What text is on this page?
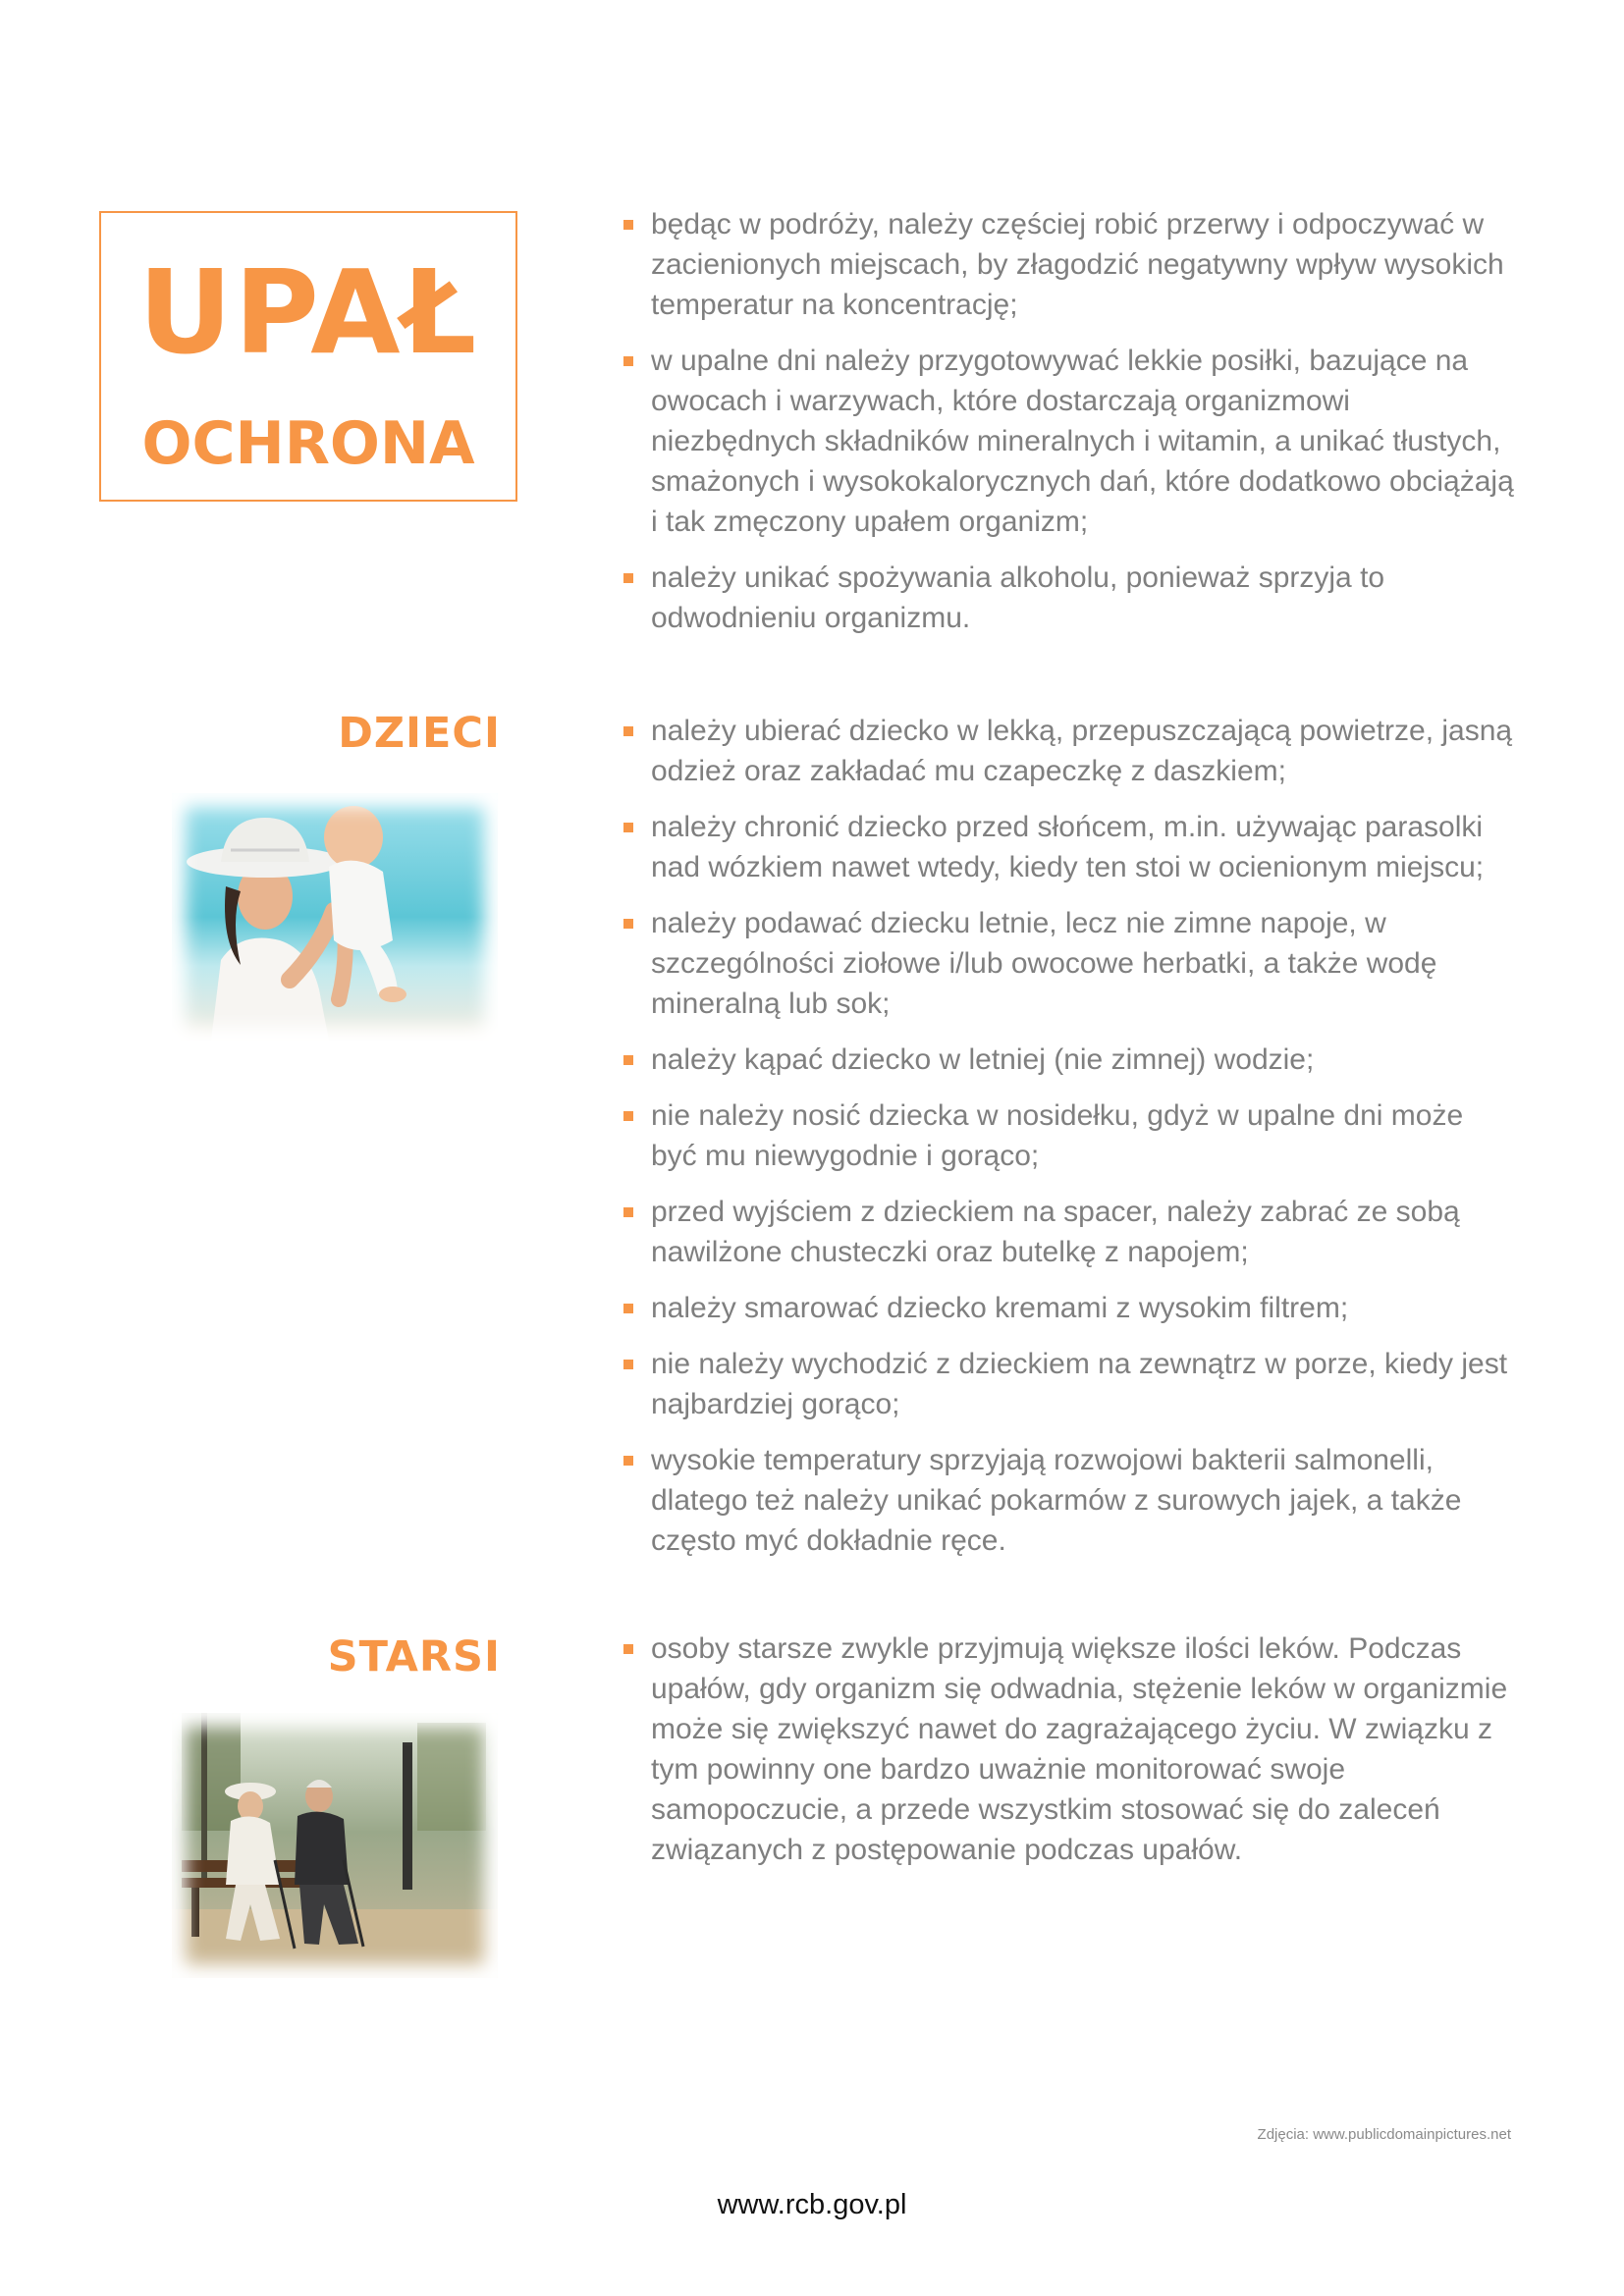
UPAŁ
OCHRONA
będąc w podróży, należy częściej robić przerwy i odpoczywać w zacienionych miejscach, by złagodzić negatywny wpływ wysokich temperatur na koncentrację;
w upalne dni należy przygotowywać lekkie posiłki, bazujące na owocach i warzywach, które dostarczają organizmowi niezbędnych składników mineralnych i witamin, a unikać tłustych, smażonych i wysokokalorycznych dań, które dodatkowo obciążają i tak zmęczony upałem organizm;
należy unikać spożywania alkoholu, ponieważ sprzyja to odwodnieniu organizmu.
DZIECI	należy ubierać dziecko w lekką, przepuszczającą powietrze, jasną odzież oraz zakładać mu czapeczkę z daszkiem;
należy chronić dziecko przed słońcem, m.in. używając parasolki nad wózkiem nawet wtedy, kiedy ten stoi w ocienionym miejscu;
należy podawać dziecku letnie, lecz nie zimne napoje, w szczególności ziołowe i/lub owocowe herbatki, a także wodę mineralną lub sok;
należy kąpać dziecko w letniej (nie zimnej) wodzie;
nie należy nosić dziecka w nosidełku, gdyż w upalne dni może być mu niewygodnie i gorąco;
przed wyjściem z dzieckiem na spacer, należy zabrać ze sobą nawilżone chusteczki oraz butelkę z napojem;
należy smarować dziecko kremami z wysokim filtrem;
nie należy wychodzić z dzieckiem na zewnątrz w porze, kiedy jest najbardziej gorąco;
wysokie temperatury sprzyjają rozwojowi bakterii salmonelli, dlatego też należy unikać pokarmów z surowych jajek, a także często myć dokładnie ręce.
STARSI	osoby starsze zwykle przyjmują większe ilości leków. Podczas upałów, gdy organizm się odwadnia, stężenie leków w organizmie może się zwiększyć nawet do zagrażającego życiu. W związku z tym powinny one bardzo uważnie monitorować swoje samopoczucie, a przede wszystkim stosować się do zaleceń związanych z postępowanie podczas upałów.
Zdjęcia: www.publicdomainpictures.net
www.rcb.gov.pl
